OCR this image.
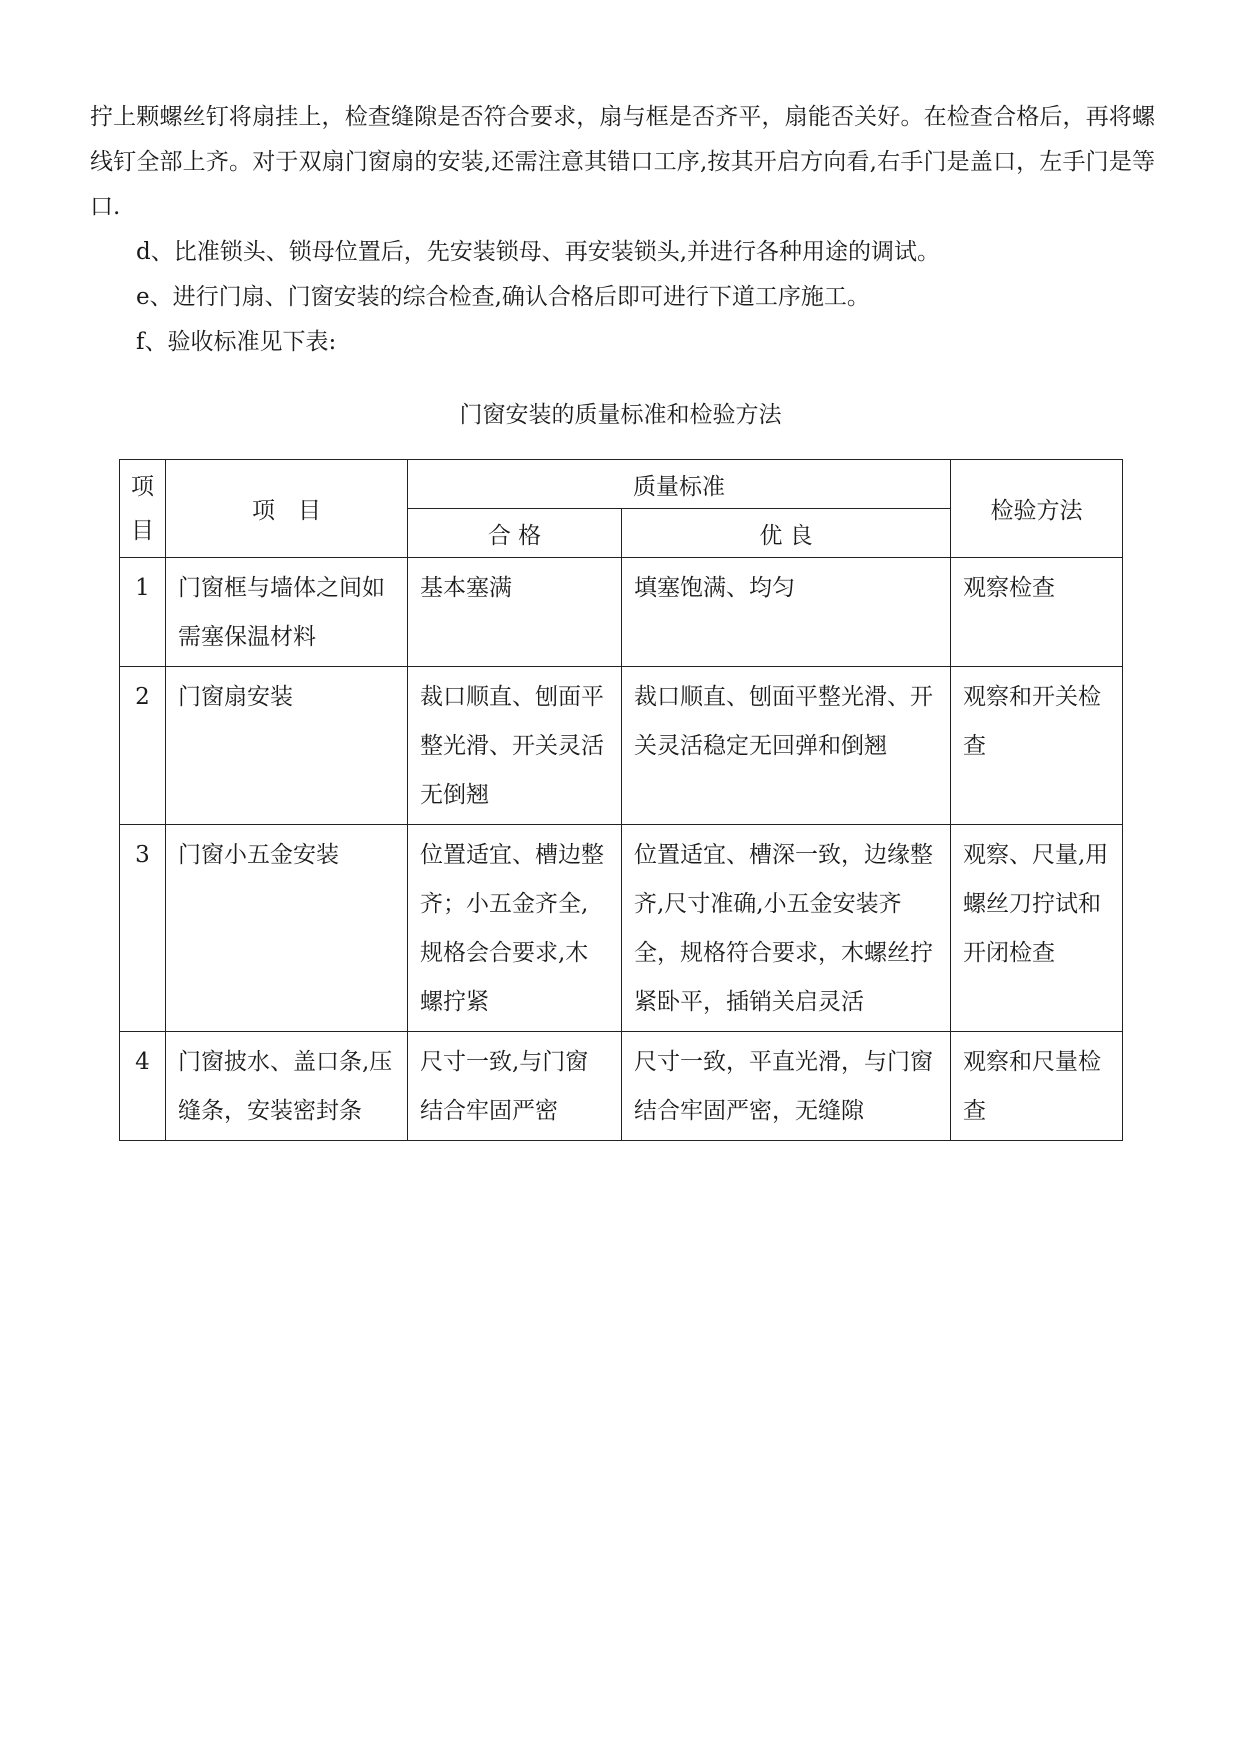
拧上颗螺丝钉将扇挂上，检查缝隙是否符合要求，扇与框是否齐平，扇能否关好。在检查合格后，再将螺线钉全部上齐。对于双扇门窗扇的安装,还需注意其错口工序,按其开启方向看,右手门是盖口，左手门是等口.

d、比准锁头、锁母位置后，先安装锁母、再安装锁头,并进行各种用途的调试。

e、进行门扇、门窗安装的综合检查,确认合格后即可进行下道工序施工。

f、验收标准见下表:

门窗安装的质量标准和检验方法
项
目	项　目	质量标准		检验方法
		合 格	优 良	

1	门窗框与墙体之间如需塞保温材料	基本塞满	填塞饱满、均匀	观察检查

2	门窗扇安装	裁口顺直、刨面平整光滑、开关灵活无倒翘	裁口顺直、刨面平整光滑、开关灵活稳定无回弹和倒翘	观察和开关检查

3	门窗小五金安装	位置适宜、槽边整齐；小五金齐全,规格会合要求,木螺拧紧	位置适宜、槽深一致，边缘整齐,尺寸准确,小五金安装齐全，规格符合要求，木螺丝拧紧卧平，插销关启灵活	观察、尺量,用螺丝刀拧试和开闭检查

4	门窗披水、盖口条,压缝条，安装密封条	尺寸一致,与门窗结合牢固严密	尺寸一致，平直光滑，与门窗结合牢固严密，无缝隙	观察和尺量检查
